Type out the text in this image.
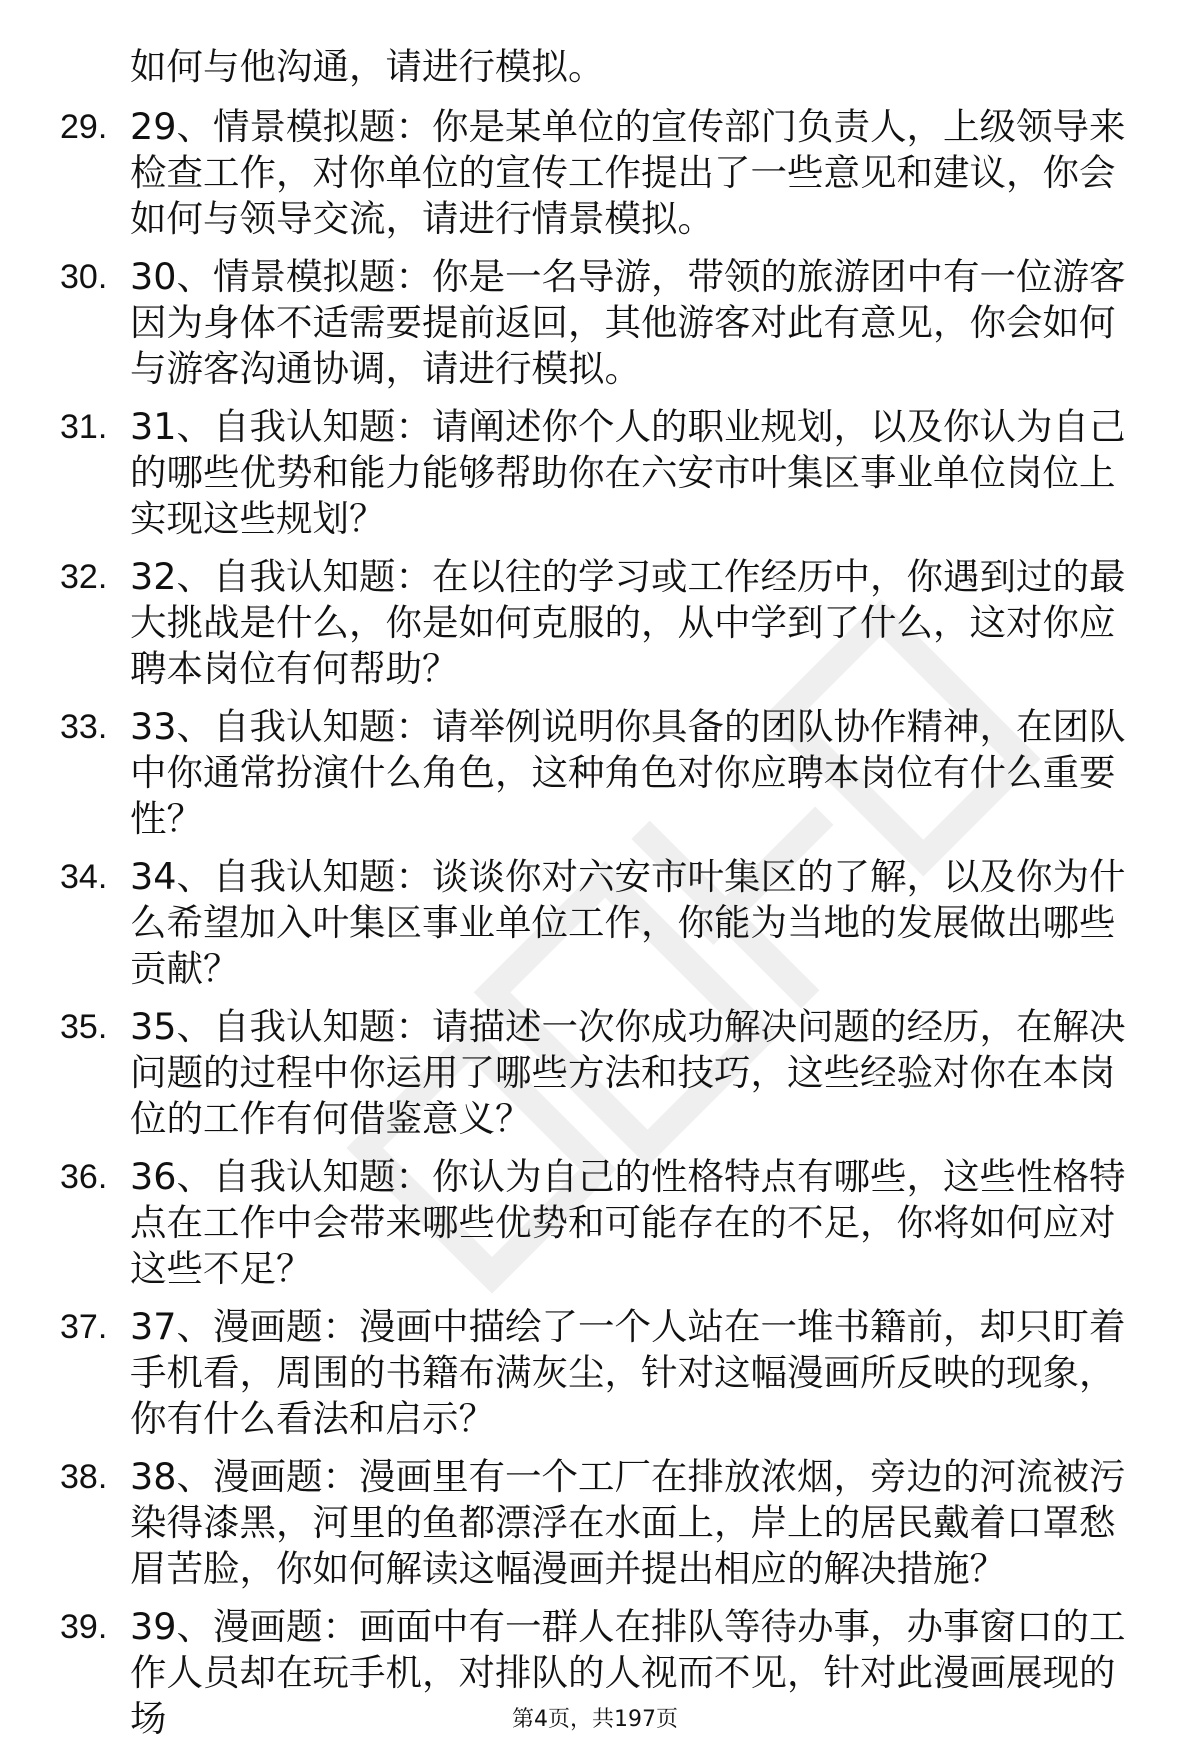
如何与他沟通，请进行模拟。
29. 29、情景模拟题：你是某单位的宣传部门负责人，上级领导来检查工作，对你单位的宣传工作提出了一些意见和建议，你会如何与领导交流，请进行情景模拟。
30. 30、情景模拟题：你是一名导游，带领的旅游团中有一位游客因为身体不适需要提前返回，其他游客对此有意见，你会如何与游客沟通协调，请进行模拟。
31. 31、自我认知题：请阐述你个人的职业规划，以及你认为自己的哪些优势和能力能够帮助你在六安市叶集区事业单位岗位上实现这些规划？
32. 32、自我认知题：在以往的学习或工作经历中，你遇到过的最大挑战是什么，你是如何克服的，从中学到了什么，这对你应聘本岗位有何帮助？
33. 33、自我认知题：请举例说明你具备的团队协作精神，在团队中你通常扮演什么角色，这种角色对你应聘本岗位有什么重要性？
34. 34、自我认知题：谈谈你对六安市叶集区的了解，以及你为什么希望加入叶集区事业单位工作，你能为当地的发展做出哪些贡献？
35. 35、自我认知题：请描述一次你成功解决问题的经历，在解决问题的过程中你运用了哪些方法和技巧，这些经验对你在本岗位的工作有何借鉴意义？
36. 36、自我认知题：你认为自己的性格特点有哪些，这些性格特点在工作中会带来哪些优势和可能存在的不足，你将如何应对这些不足？
37. 37、漫画题：漫画中描绘了一个人站在一堆书籍前，却只盯着手机看，周围的书籍布满灰尘，针对这幅漫画所反映的现象，你有什么看法和启示？
38. 38、漫画题：漫画里有一个工厂在排放浓烟，旁边的河流被污染得漆黑，河里的鱼都漂浮在水面上，岸上的居民戴着口罩愁眉苦脸，你如何解读这幅漫画并提出相应的解决措施？
39. 39、漫画题：画面中有一群人在排队等待办事，办事窗口的工作人员却在玩手机，对排队的人视而不见，针对此漫画展现的场	第4页，共197页
